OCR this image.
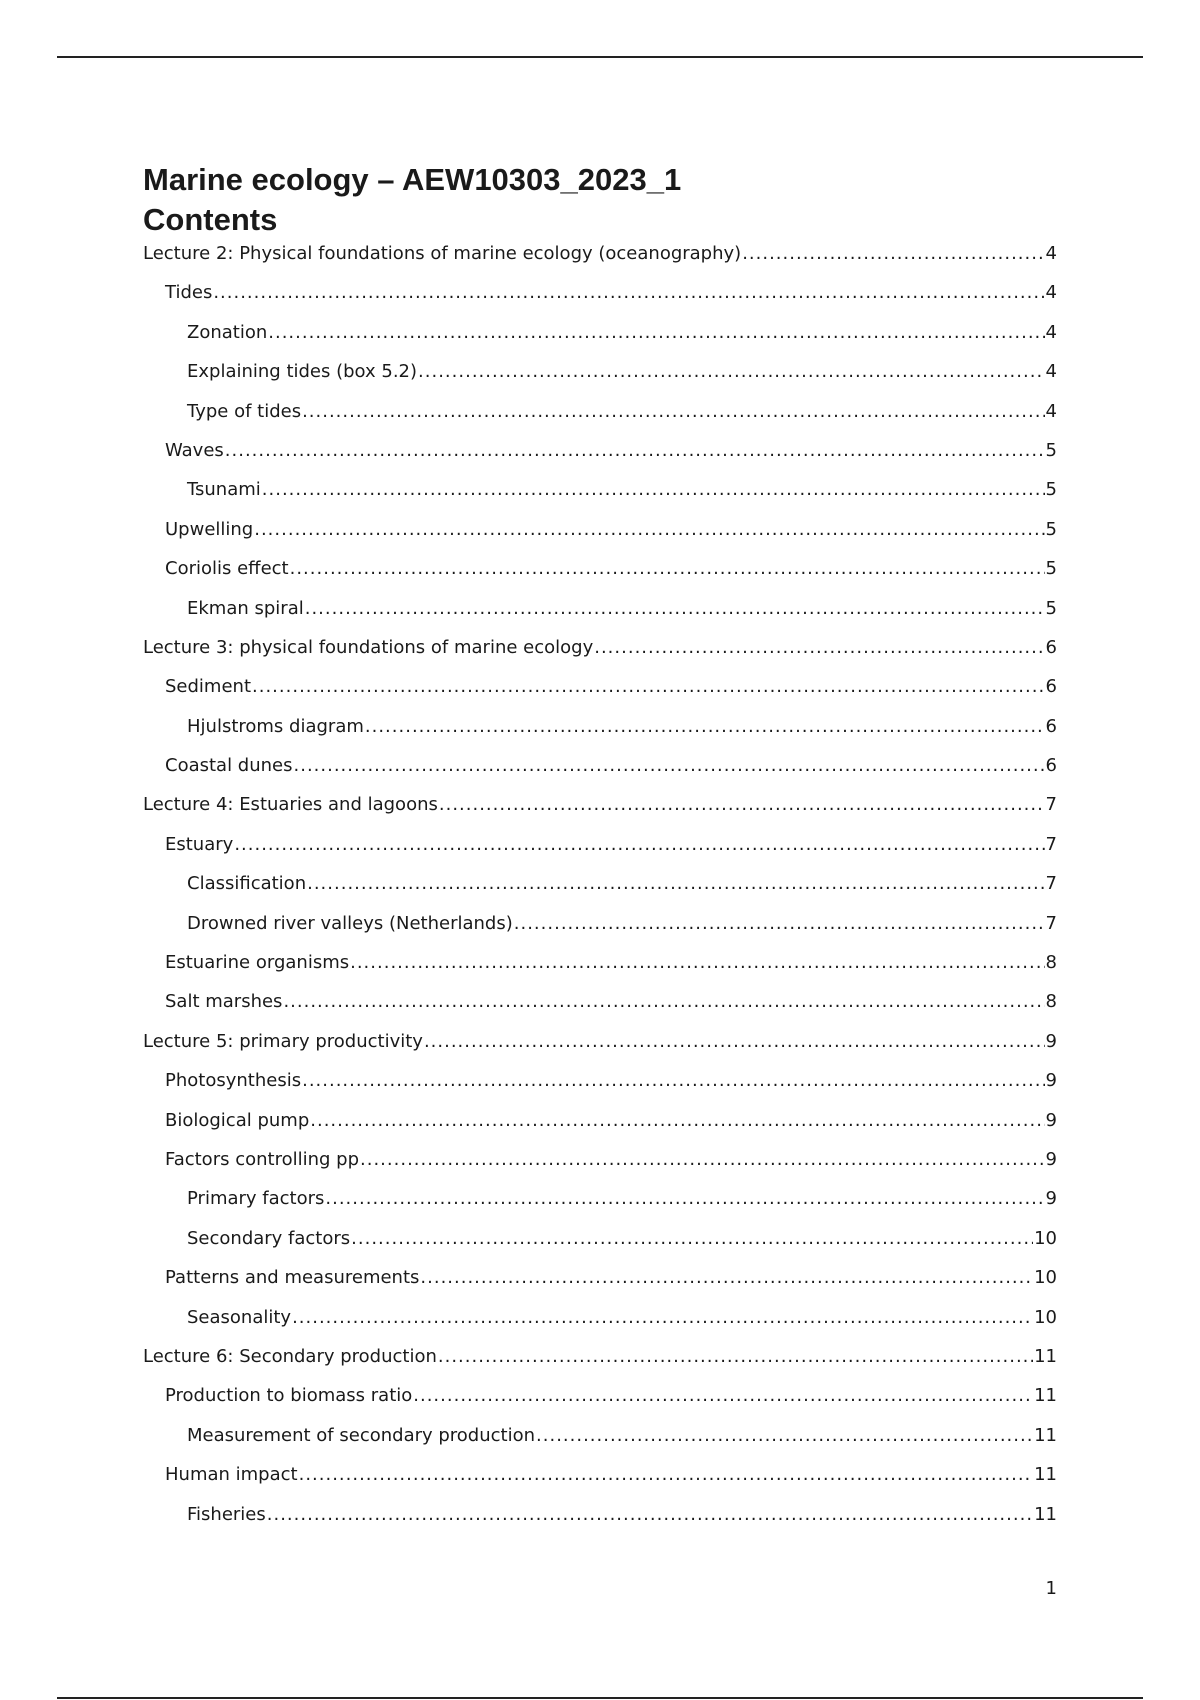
Marine ecology – AEW10303_2023_1
Contents
Lecture 2: Physical foundations of marine ecology (oceanography) .....	4
Tides .....	4
Zonation .....	4
Explaining tides (box 5.2) .....	4
Type of tides .....	4
Waves .....	5
Tsunami .....	5
Upwelling .....	5
Coriolis effect .....	5
Ekman spiral .....	5
Lecture 3: physical foundations of marine ecology .....	6
Sediment .....	6
Hjulstroms diagram .....	6
Coastal dunes .....	6
Lecture 4: Estuaries and lagoons .....	7
Estuary .....	7
Classification .....	7
Drowned river valleys (Netherlands) .....	7
Estuarine organisms .....	8
Salt marshes .....	8
Lecture 5: primary productivity .....	9
Photosynthesis .....	9
Biological pump .....	9
Factors controlling pp .....	9
Primary factors .....	9
Secondary factors .....	10
Patterns and measurements .....	10
Seasonality .....	10
Lecture 6: Secondary production .....	11
Production to biomass ratio .....	11
Measurement of secondary production .....	11
Human impact .....	11
Fisheries .....	11
1
